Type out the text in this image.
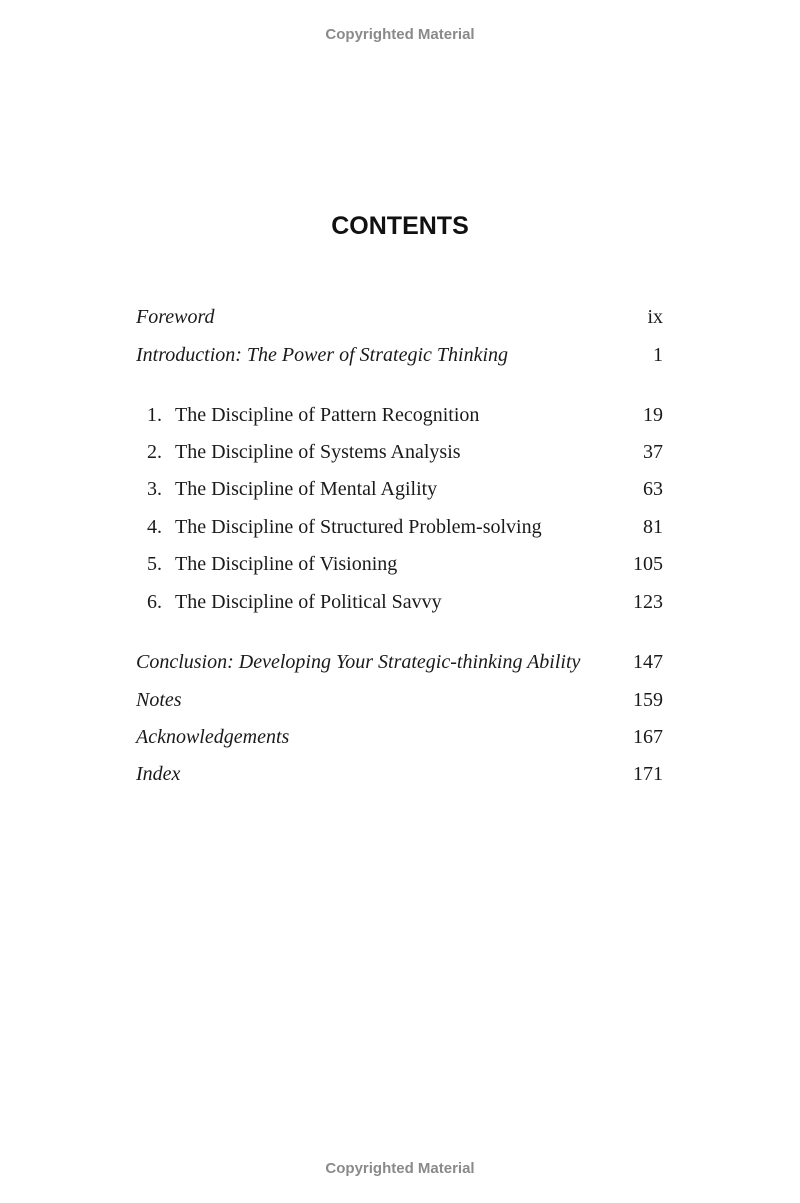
Copyrighted Material
CONTENTS
Foreword	ix
Introduction: The Power of Strategic Thinking	1
1. The Discipline of Pattern Recognition	19
2. The Discipline of Systems Analysis	37
3. The Discipline of Mental Agility	63
4. The Discipline of Structured Problem-solving	81
5. The Discipline of Visioning	105
6. The Discipline of Political Savvy	123
Conclusion: Developing Your Strategic-thinking Ability	147
Notes	159
Acknowledgements	167
Index	171
Copyrighted Material
